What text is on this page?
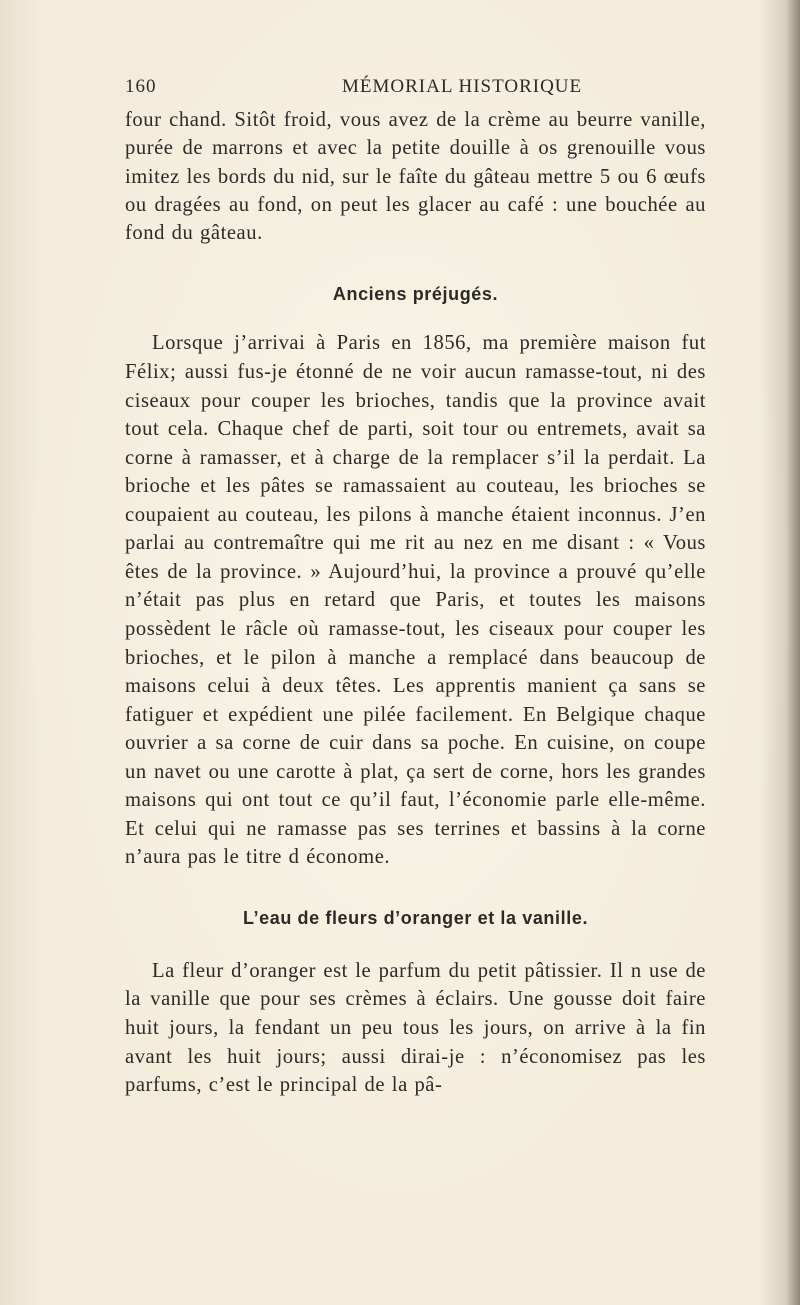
160	MÉMORIAL HISTORIQUE

four chand. Sitôt froid, vous avez de la crème au beurre vanille, purée de marrons et avec la petite douille à os grenouille vous imitez les bords du nid, sur le faîte du gâteau mettre 5 ou 6 œufs ou dragées au fond, on peut les glacer au café : une bouchée au fond du gâteau.

Anciens préjugés.

Lorsque j’arrivai à Paris en 1856, ma première maison fut Félix; aussi fus-je étonné de ne voir aucun ramasse-tout, ni des ciseaux pour couper les brioches, tandis que la province avait tout cela. Chaque chef de parti, soit tour ou entremets, avait sa corne à ramasser, et à charge de la remplacer s’il la perdait. La brioche et les pâtes se ramassaient au couteau, les brioches se coupaient au couteau, les pilons à manche étaient inconnus. J’en parlai au contremaître qui me rit au nez en me disant : « Vous êtes de la province. » Aujourd’hui, la province a prouvé qu’elle n’était pas plus en retard que Paris, et toutes les maisons possèdent le râcle où ramasse-tout, les ciseaux pour couper les brioches, et le pilon à manche a remplacé dans beaucoup de maisons celui à deux têtes. Les apprentis manient ça sans se fatiguer et expédient une pilée facilement. En Belgique chaque ouvrier a sa corne de cuir dans sa poche. En cuisine, on coupe un navet ou une carotte à plat, ça sert de corne, hors les grandes maisons qui ont tout ce qu’il faut, l’économie parle elle-même. Et celui qui ne ramasse pas ses terrines et bassins à la corne n’aura pas le titre d économe.

L’eau de fleurs d’oranger et la vanille.

La fleur d’oranger est le parfum du petit pâtissier. Il n use de la vanille que pour ses crèmes à éclairs. Une gousse doit faire huit jours, la fendant un peu tous les jours, on arrive à la fin avant les huit jours; aussi dirai-je : n’économisez pas les parfums, c’est le principal de la pâ-
